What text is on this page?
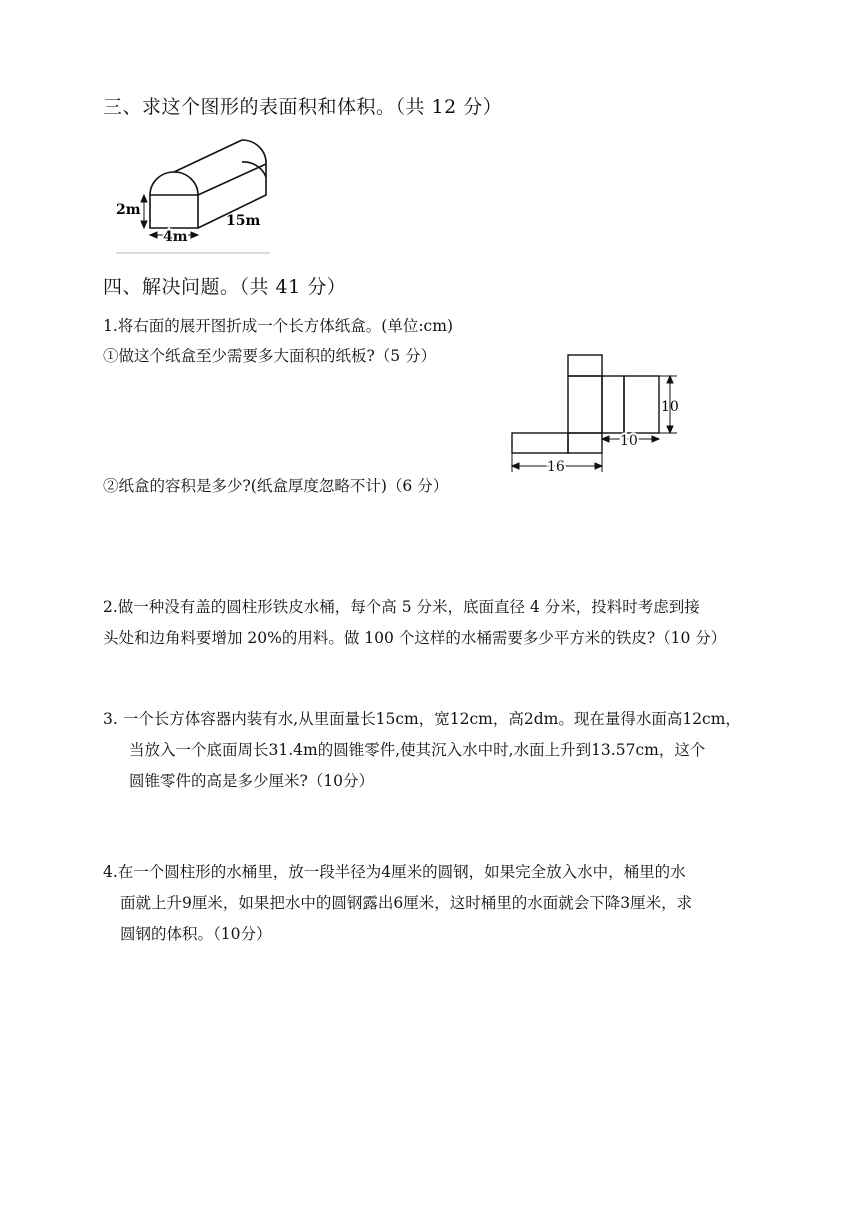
三、求这个图形的表面积和体积。（共 12 分）
2m
4m
15m
四、解决问题。（共 41 分）
1.将右面的展开图折成一个长方体纸盒。(单位:cm)
①做这个纸盒至少需要多大面积的纸板?（5 分）
②纸盒的容积是多少?(纸盒厚度忽略不计)（6 分）
10
10
16
2.做一种没有盖的圆柱形铁皮水桶，每个高 5 分米，底面直径 4 分米，投料时考虑到接
头处和边角料要增加 20%的用料。做 100 个这样的水桶需要多少平方米的铁皮?（10 分）
3. 一个长方体容器内装有水,从里面量长15cm，宽12cm，高2dm。现在量得水面高12cm，
当放入一个底面周长31.4m的圆锥零件,使其沉入水中时,水面上升到13.57cm，这个
圆锥零件的高是多少厘米?（10分）
4.在一个圆柱形的水桶里，放一段半径为4厘米的圆钢，如果完全放入水中，桶里的水
面就上升9厘米，如果把水中的圆钢露出6厘米，这时桶里的水面就会下降3厘米，求
圆钢的体积。（10分）
